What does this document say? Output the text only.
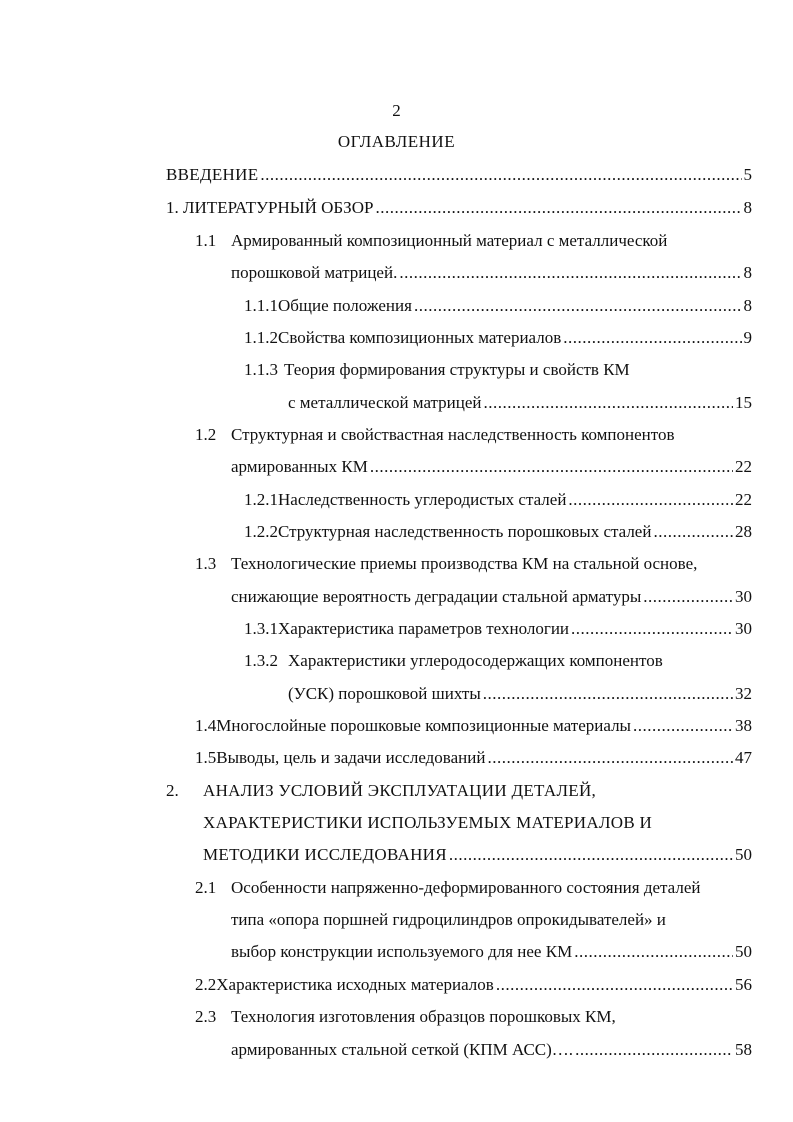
2
ОГЛАВЛЕНИЕ
ВВЕДЕНИЕ .....	5
1. ЛИТЕРАТУРНЫЙ ОБЗОР .....	8
1.1 Армированный композиционный материал с металлической
порошковой матрицей. .....	8
1.1.1 Общие положения .....	8
1.1.2 Свойства композиционных материалов .....	9
1.1.3 Теория формирования структуры и свойств КМ
с металлической матрицей .....	15
1.2 Структурная и свойствастная наследственность компонентов
армированных КМ .....	22
1.2.1 Наследственность углеродистых сталей .....	22
1.2.2 Структурная наследственность порошковых сталей .....	28
1.3 Технологические приемы производства КМ на стальной основе,
снижающие вероятность деградации стальной арматуры .....	30
1.3.1 Характеристика параметров технологии .....	30
1.3.2 Характеристики углеродосодержащих компонентов
(УСК) порошковой шихты .....	32
1.4 Многослойные порошковые композиционные материалы .....	38
1.5 Выводы, цель и задачи исследований .....	47
2.	АНАЛИЗ УСЛОВИЙ ЭКСПЛУАТАЦИИ ДЕТАЛЕЙ,
ХАРАКТЕРИСТИКИ ИСПОЛЬЗУЕМЫХ МАТЕРИАЛОВ И
МЕТОДИКИ ИССЛЕДОВАНИЯ .....	50
2.1 Особенности напряженно-деформированного состояния деталей
типа «опора поршней гидроцилиндров опрокидывателей» и
выбор конструкции используемого для нее КМ .....	50
2.2 Характеристика исходных материалов .....	56
2.3 Технология изготовления образцов порошковых КМ,
армированных стальной сеткой (КПМ АСС)…. .....	58
